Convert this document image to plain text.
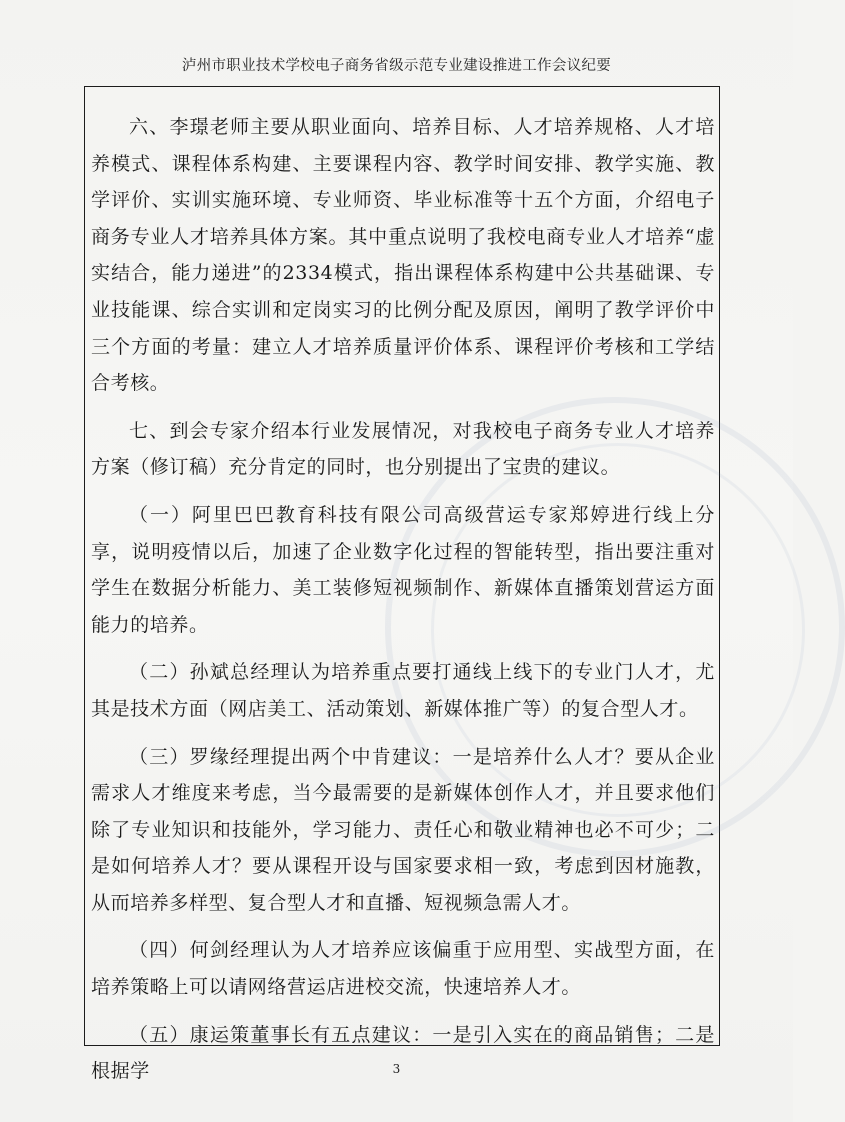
泸州市职业技术学校电子商务省级示范专业建设推进工作会议纪要

六、李璟老师主要从职业面向、培养目标、人才培养规格、人才培养模式、课程体系构建、主要课程内容、教学时间安排、教学实施、教学评价、实训实施环境、专业师资、毕业标准等十五个方面，介绍电子商务专业人才培养具体方案。其中重点说明了我校电商专业人才培养“虚实结合，能力递进”的2334模式，指出课程体系构建中公共基础课、专业技能课、综合实训和定岗实习的比例分配及原因，阐明了教学评价中三个方面的考量：建立人才培养质量评价体系、课程评价考核和工学结合考核。

七、到会专家介绍本行业发展情况，对我校电子商务专业人才培养方案（修订稿）充分肯定的同时，也分别提出了宝贵的建议。

（一）阿里巴巴教育科技有限公司高级营运专家郑婷进行线上分享，说明疫情以后，加速了企业数字化过程的智能转型，指出要注重对学生在数据分析能力、美工装修短视频制作、新媒体直播策划营运方面能力的培养。

（二）孙斌总经理认为培养重点要打通线上线下的专业门人才，尤其是技术方面（网店美工、活动策划、新媒体推广等）的复合型人才。

（三）罗缘经理提出两个中肯建议：一是培养什么人才？要从企业需求人才维度来考虑，当今最需要的是新媒体创作人才，并且要求他们除了专业知识和技能外，学习能力、责任心和敬业精神也必不可少；二是如何培养人才？要从课程开设与国家要求相一致，考虑到因材施教，从而培养多样型、复合型人才和直播、短视频急需人才。

（四）何剑经理认为人才培养应该偏重于应用型、实战型方面，在培养策略上可以请网络营运店进校交流，快速培养人才。

（五）康运策董事长有五点建议：一是引入实在的商品销售；二是根据学	3
